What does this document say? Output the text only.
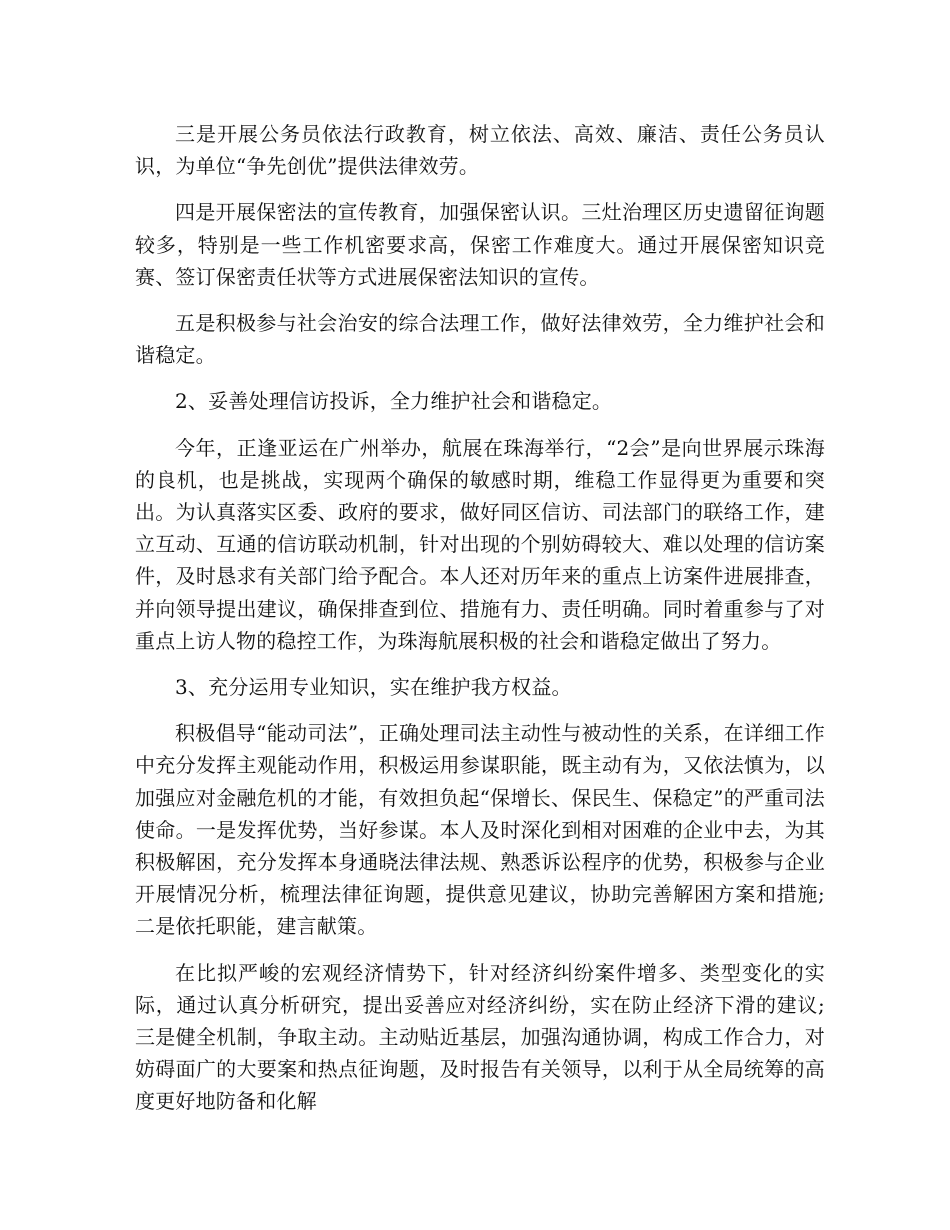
三是开展公务员依法行政教育，树立依法、高效、廉洁、责任公务员认识，为单位“争先创优”提供法律效劳。

四是开展保密法的宣传教育，加强保密认识。三灶治理区历史遗留征询题较多，特别是一些工作机密要求高，保密工作难度大。通过开展保密知识竞赛、签订保密责任状等方式进展保密法知识的宣传。

五是积极参与社会治安的综合法理工作，做好法律效劳，全力维护社会和谐稳定。

2、妥善处理信访投诉，全力维护社会和谐稳定。

今年，正逢亚运在广州举办，航展在珠海举行，“2会”是向世界展示珠海的良机，也是挑战，实现两个确保的敏感时期，维稳工作显得更为重要和突出。为认真落实区委、政府的要求，做好同区信访、司法部门的联络工作，建立互动、互通的信访联动机制，针对出现的个别妨碍较大、难以处理的信访案件，及时恳求有关部门给予配合。本人还对历年来的重点上访案件进展排查，并向领导提出建议，确保排查到位、措施有力、责任明确。同时着重参与了对重点上访人物的稳控工作，为珠海航展积极的社会和谐稳定做出了努力。

3、充分运用专业知识，实在维护我方权益。

积极倡导“能动司法”，正确处理司法主动性与被动性的关系，在详细工作中充分发挥主观能动作用，积极运用参谋职能，既主动有为，又依法慎为，以加强应对金融危机的才能，有效担负起“保增长、保民生、保稳定”的严重司法使命。一是发挥优势，当好参谋。本人及时深化到相对困难的企业中去，为其积极解困，充分发挥本身通晓法律法规、熟悉诉讼程序的优势，积极参与企业开展情况分析，梳理法律征询题，提供意见建议，协助完善解困方案和措施;二是依托职能，建言献策。

在比拟严峻的宏观经济情势下，针对经济纠纷案件增多、类型变化的实际，通过认真分析研究，提出妥善应对经济纠纷，实在防止经济下滑的建议;三是健全机制，争取主动。主动贴近基层，加强沟通协调，构成工作合力，对妨碍面广的大要案和热点征询题，及时报告有关领导，以利于从全局统筹的高度更好地防备和化解
